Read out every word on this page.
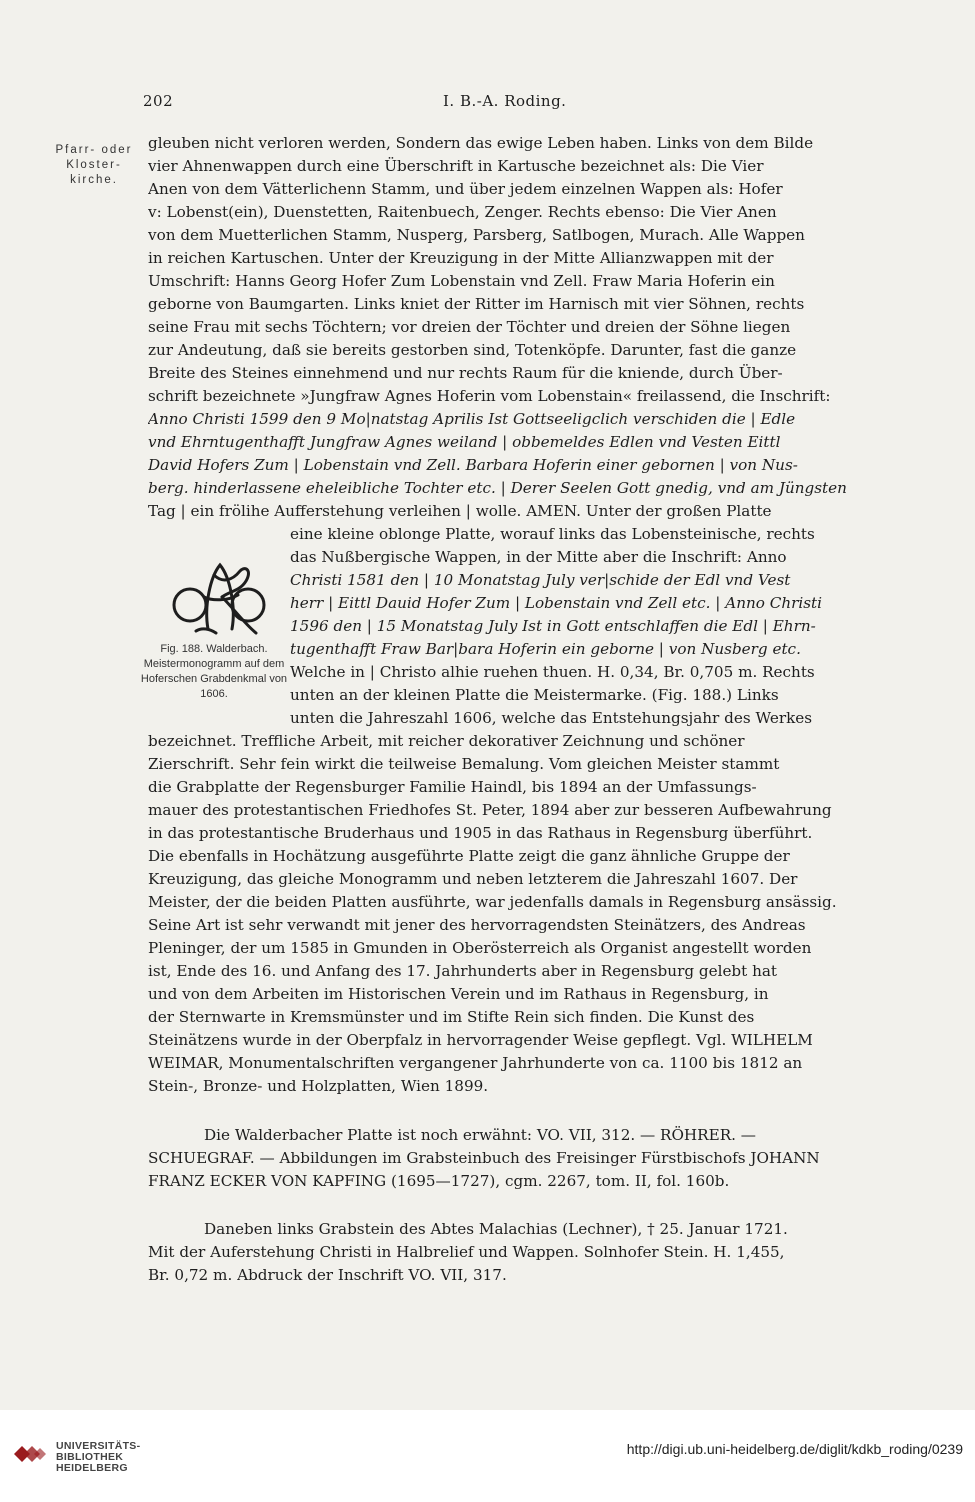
202	I. B.-A. Roding.
Pfarr- oder Kloster- kirche.
gleuben nicht verloren werden, Sondern das ewige Leben haben. Links von dem Bilde
vier Ahnenwappen durch eine Überschrift in Kartusche bezeichnet als: Die Vier
Anen von dem Vätterlichenn Stamm, und über jedem einzelnen Wappen als: Hofer
v: Lobenst(ein), Duenstetten, Raitenbuech, Zenger. Rechts ebenso: Die Vier Anen
von dem Muetterlichen Stamm, Nusperg, Parsberg, Satlbogen, Murach. Alle Wappen
in reichen Kartuschen. Unter der Kreuzigung in der Mitte Allianzwappen mit der
Umschrift: Hanns Georg Hofer Zum Lobenstain vnd Zell. Fraw Maria Hoferin ein
geborne von Baumgarten. Links kniet der Ritter im Harnisch mit vier Söhnen, rechts
seine Frau mit sechs Töchtern; vor dreien der Töchter und dreien der Söhne liegen
zur Andeutung, daß sie bereits gestorben sind, Totenköpfe. Darunter, fast die ganze
Breite des Steines einnehmend und nur rechts Raum für die kniende, durch Über-
schrift bezeichnete »Jungfraw Agnes Hoferin vom Lobenstain« freilassend, die Inschrift:
Anno Christi 1599 den 9 Mo|natstag Aprilis Ist Gottseeligclich verschiden die | Edle
vnd Ehrntugenthafft Jungfraw Agnes weiland | obbemeldes Edlen vnd Vesten Eittl
David Hofers Zum | Lobenstain vnd Zell. Barbara Hoferin einer gebornen | von Nus-
berg. hinderlassene eheleibliche Tochter etc. | Derer Seelen Gott gnedig, vnd am Jüngsten
Tag | ein frölihe Aufferstehung verleihen | wolle. AMEN. Unter der großen Platte
eine kleine oblonge Platte, worauf links das Lobensteinische, rechts
das Nußbergische Wappen, in der Mitte aber die Inschrift: Anno
Christi 1581 den | 10 Monatstag July ver|schide der Edl vnd Vest
herr | Eittl Dauid Hofer Zum | Lobenstain vnd Zell etc. | Anno Christi
1596 den | 15 Monatstag July Ist in Gott entschlaffen die Edl | Ehrn-
tugenthafft Fraw Bar|bara Hoferin ein geborne | von Nusberg etc.
Welche in | Christo alhie ruehen thuen. H. 0,34, Br. 0,705 m. Rechts
unten an der kleinen Platte die Meistermarke. (Fig. 188.) Links
unten die Jahreszahl 1606, welche das Entstehungsjahr des Werkes
Fig. 188. Walderbach. Meistermonogramm auf dem Hoferschen Grabdenkmal von 1606.
bezeichnet. Treffliche Arbeit, mit reicher dekorativer Zeichnung und schöner
Zierschrift. Sehr fein wirkt die teilweise Bemalung. Vom gleichen Meister stammt
die Grabplatte der Regensburger Familie Haindl, bis 1894 an der Umfassungs-
mauer des protestantischen Friedhofes St. Peter, 1894 aber zur besseren Aufbewahrung
in das protestantische Bruderhaus und 1905 in das Rathaus in Regensburg überführt.
Die ebenfalls in Hochätzung ausgeführte Platte zeigt die ganz ähnliche Gruppe der
Kreuzigung, das gleiche Monogramm und neben letzterem die Jahreszahl 1607. Der
Meister, der die beiden Platten ausführte, war jedenfalls damals in Regensburg ansässig.
Seine Art ist sehr verwandt mit jener des hervorragendsten Steinätzers, des Andreas
Pleninger, der um 1585 in Gmunden in Oberösterreich als Organist angestellt worden
ist, Ende des 16. und Anfang des 17. Jahrhunderts aber in Regensburg gelebt hat
und von dem Arbeiten im Historischen Verein und im Rathaus in Regensburg, in
der Sternwarte in Kremsmünster und im Stifte Rein sich finden. Die Kunst des
Steinätzens wurde in der Oberpfalz in hervorragender Weise gepflegt. Vgl. WILHELM
WEIMAR, Monumentalschriften vergangener Jahrhunderte von ca. 1100 bis 1812 an
Stein-, Bronze- und Holzplatten, Wien 1899.
Die Walderbacher Platte ist noch erwähnt: VO. VII, 312. — RÖHRER. —
SCHUEGRAF. — Abbildungen im Grabsteinbuch des Freisinger Fürstbischofs JOHANN
FRANZ ECKER VON KAPFING (1695—1727), cgm. 2267, tom. II, fol. 160b.
Daneben links Grabstein des Abtes Malachias (Lechner), † 25. Januar 1721.
Mit der Auferstehung Christi in Halbrelief und Wappen. Solnhofer Stein. H. 1,455,
Br. 0,72 m. Abdruck der Inschrift VO. VII, 317.
UNIVERSITÄTS-
BIBLIOTHEK
HEIDELBERG
http://digi.ub.uni-heidelberg.de/diglit/kdkb_roding/0239
